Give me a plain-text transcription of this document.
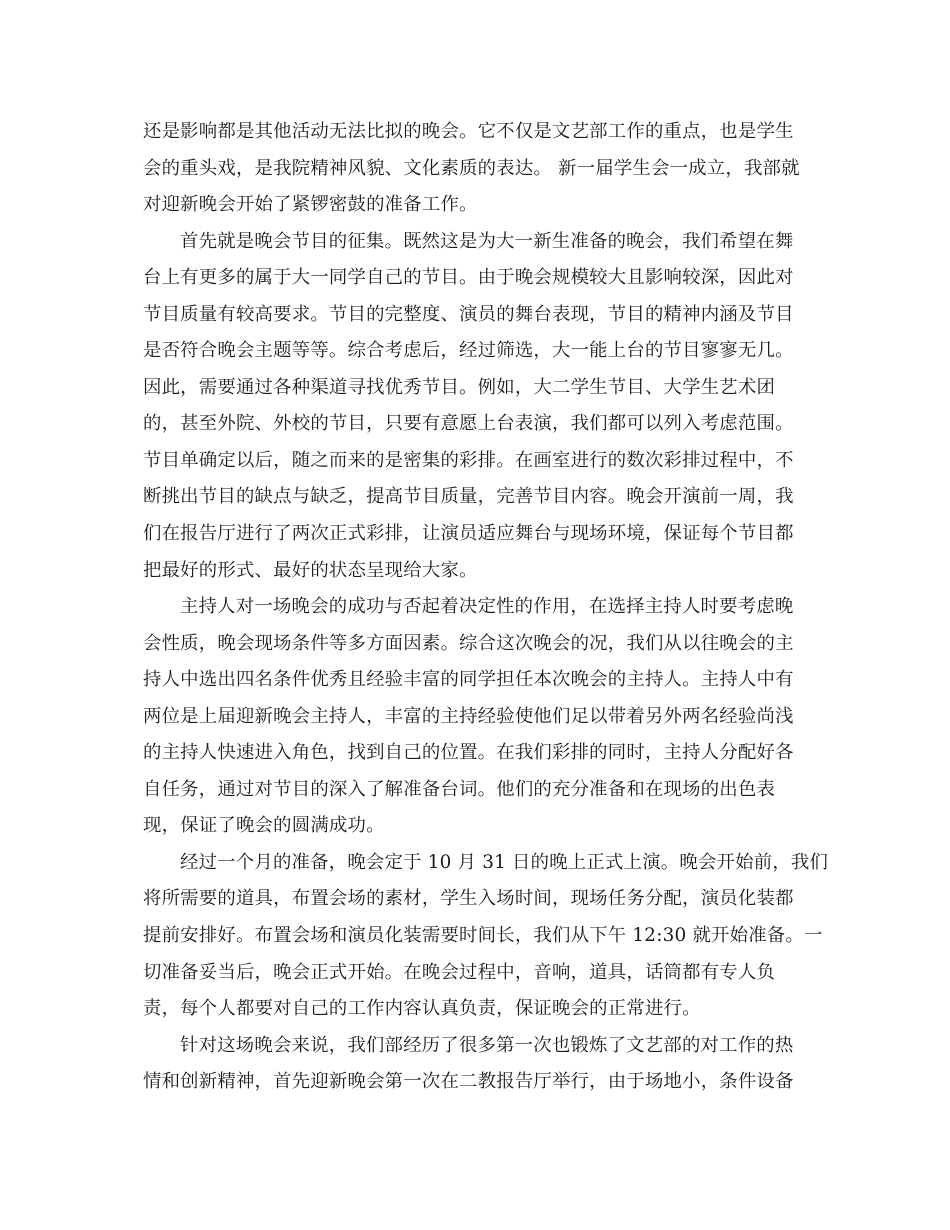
还是影响都是其他活动无法比拟的晚会。它不仅是文艺部工作的重点，也是学生
会的重头戏，是我院精神风貌、文化素质的表达。 新一届学生会一成立，我部就
对迎新晚会开始了紧锣密鼓的准备工作。
首先就是晚会节目的征集。既然这是为大一新生准备的晚会，我们希望在舞
台上有更多的属于大一同学自己的节目。由于晚会规模较大且影响较深，因此对
节目质量有较高要求。节目的完整度、演员的舞台表现，节目的精神内涵及节目
是否符合晚会主题等等。综合考虑后，经过筛选，大一能上台的节目寥寥无几。
因此，需要通过各种渠道寻找优秀节目。例如，大二学生节目、大学生艺术团
的，甚至外院、外校的节目，只要有意愿上台表演，我们都可以列入考虑范围。
节目单确定以后，随之而来的是密集的彩排。在画室进行的数次彩排过程中，不
断挑出节目的缺点与缺乏，提高节目质量，完善节目内容。晚会开演前一周，我
们在报告厅进行了两次正式彩排，让演员适应舞台与现场环境，保证每个节目都
把最好的形式、最好的状态呈现给大家。
主持人对一场晚会的成功与否起着决定性的作用，在选择主持人时要考虑晚
会性质，晚会现场条件等多方面因素。综合这次晚会的况，我们从以往晚会的主
持人中选出四名条件优秀且经验丰富的同学担任本次晚会的主持人。主持人中有
两位是上届迎新晚会主持人，丰富的主持经验使他们足以带着另外两名经验尚浅
的主持人快速进入角色，找到自己的位置。在我们彩排的同时，主持人分配好各
自任务，通过对节目的深入了解准备台词。他们的充分准备和在现场的出色表
现，保证了晚会的圆满成功。
经过一个月的准备，晚会定于 10 月 31 日的晚上正式上演。晚会开始前，我们
将所需要的道具，布置会场的素材，学生入场时间，现场任务分配，演员化装都
提前安排好。布置会场和演员化装需要时间长，我们从下午 12:30 就开始准备。一
切准备妥当后，晚会正式开始。在晚会过程中，音响，道具，话筒都有专人负
责，每个人都要对自己的工作内容认真负责，保证晚会的正常进行。
针对这场晚会来说，我们部经历了很多第一次也锻炼了文艺部的对工作的热
情和创新精神，首先迎新晚会第一次在二教报告厅举行，由于场地小，条件设备
